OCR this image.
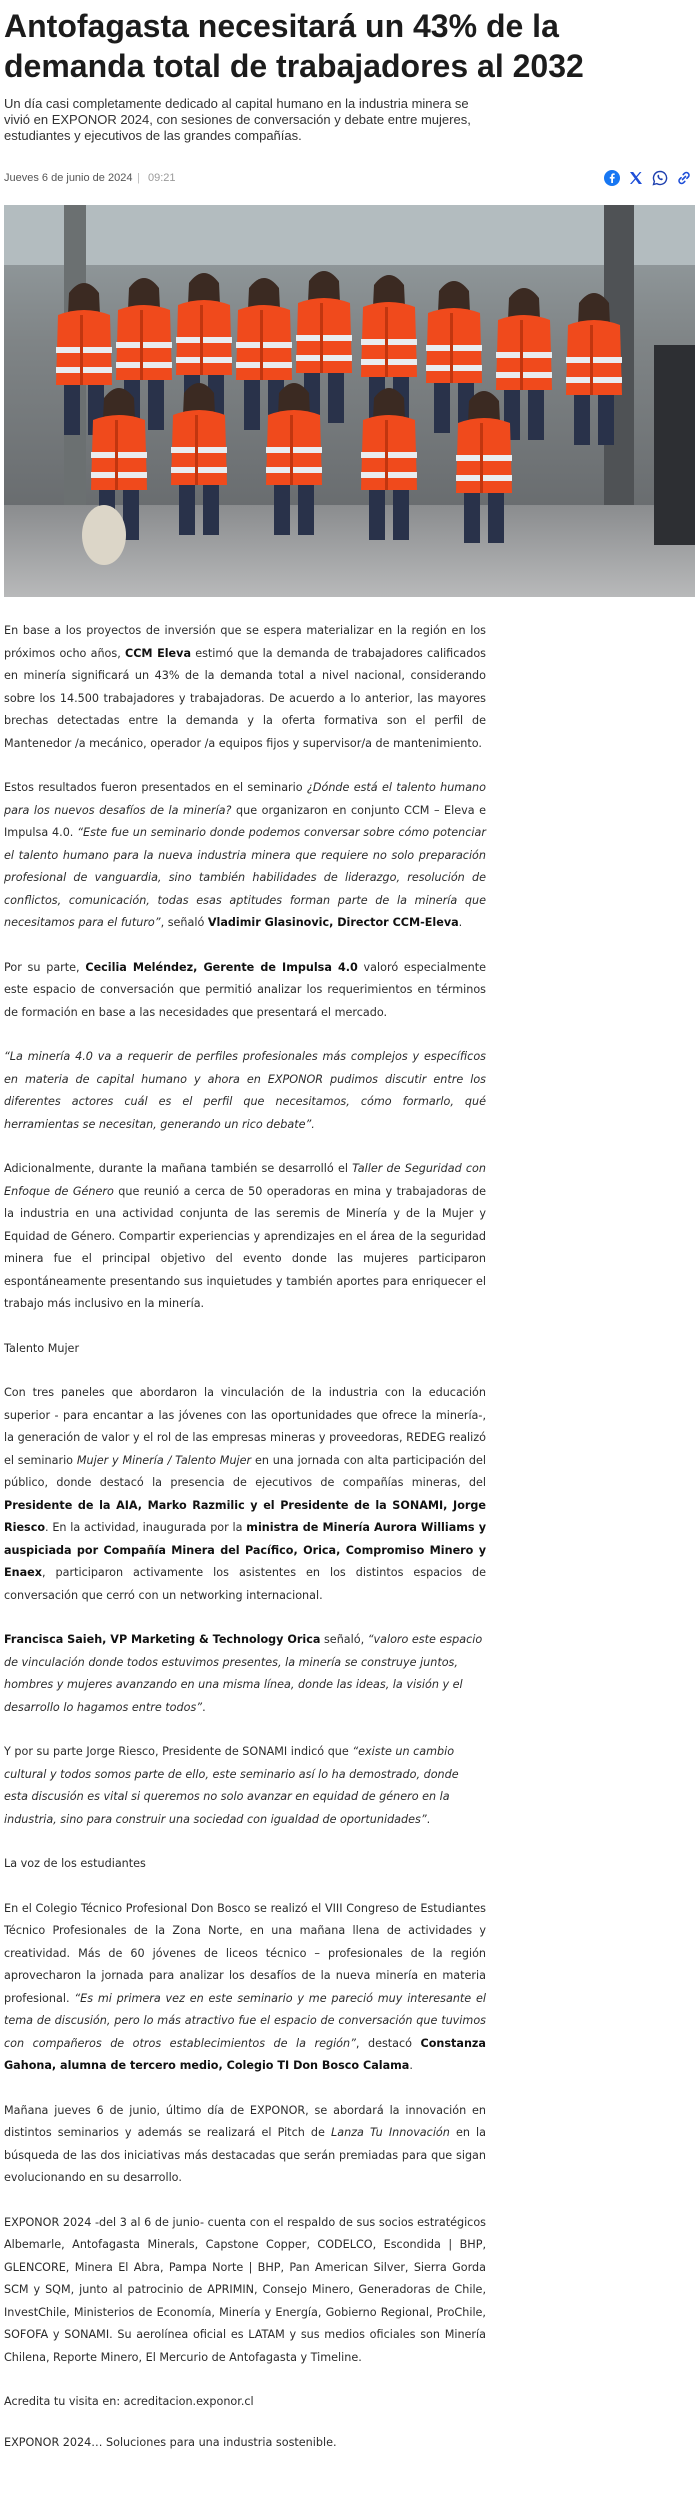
Antofagasta necesitará un 43% de la demanda total de trabajadores al 2032

Un día casi completamente dedicado al capital humano en la industria minera se vivió en EXPONOR 2024, con sesiones de conversación y debate entre mujeres, estudiantes y ejecutivos de las grandes compañías.

Jueves 6 de junio de 2024 | 09:21

En base a los proyectos de inversión que se espera materializar en la región en los próximos ocho años, CCM Eleva estimó que la demanda de trabajadores calificados en minería significará un 43% de la demanda total a nivel nacional, considerando sobre los 14.500 trabajadores y trabajadoras. De acuerdo a lo anterior, las mayores brechas detectadas entre la demanda y la oferta formativa son el perfil de Mantenedor /a mecánico, operador /a equipos fijos y supervisor/a de mantenimiento.

Estos resultados fueron presentados en el seminario ¿Dónde está el talento humano para los nuevos desafíos de la minería? que organizaron en conjunto CCM – Eleva e Impulsa 4.0. “Este fue un seminario donde podemos conversar sobre cómo potenciar el talento humano para la nueva industria minera que requiere no solo preparación profesional de vanguardia, sino también habilidades de liderazgo, resolución de conflictos, comunicación, todas esas aptitudes forman parte de la minería que necesitamos para el futuro”, señaló Vladimir Glasinovic, Director CCM-Eleva.

Por su parte, Cecilia Meléndez, Gerente de Impulsa 4.0 valoró especialmente este espacio de conversación que permitió analizar los requerimientos en términos de formación en base a las necesidades que presentará el mercado.

“La minería 4.0 va a requerir de perfiles profesionales más complejos y específicos en materia de capital humano y ahora en EXPONOR pudimos discutir entre los diferentes actores cuál es el perfil que necesitamos, cómo formarlo, qué herramientas se necesitan, generando un rico debate”.

Adicionalmente, durante la mañana también se desarrolló el Taller de Seguridad con Enfoque de Género que reunió a cerca de 50 operadoras en mina y trabajadoras de la industria en una actividad conjunta de las seremis de Minería y de la Mujer y Equidad de Género. Compartir experiencias y aprendizajes en el área de la seguridad minera fue el principal objetivo del evento donde las mujeres participaron espontáneamente presentando sus inquietudes y también aportes para enriquecer el trabajo más inclusivo en la minería.

Talento Mujer

Con tres paneles que abordaron la vinculación de la industria con la educación superior - para encantar a las jóvenes con las oportunidades que ofrece la minería-, la generación de valor y el rol de las empresas mineras y proveedoras, REDEG realizó el seminario Mujer y Minería / Talento Mujer en una jornada con alta participación del público, donde destacó la presencia de ejecutivos de compañías mineras, del Presidente de la AIA, Marko Razmilic y el Presidente de la SONAMI, Jorge Riesco. En la actividad, inaugurada por la ministra de Minería Aurora Williams y auspiciada por Compañía Minera del Pacífico, Orica, Compromiso Minero y Enaex, participaron activamente los asistentes en los distintos espacios de conversación que cerró con un networking internacional.

Francisca Saieh, VP Marketing & Technology Orica señaló, “valoro este espacio de vinculación donde todos estuvimos presentes, la minería se construye juntos, hombres y mujeres avanzando en una misma línea, donde las ideas, la visión y el desarrollo lo hagamos entre todos”.

Y por su parte Jorge Riesco, Presidente de SONAMI indicó que “existe un cambio cultural y todos somos parte de ello, este seminario así lo ha demostrado, donde esta discusión es vital si queremos no solo avanzar en equidad de género en la industria, sino para construir una sociedad con igualdad de oportunidades”.

La voz de los estudiantes

En el Colegio Técnico Profesional Don Bosco se realizó el VIII Congreso de Estudiantes Técnico Profesionales de la Zona Norte, en una mañana llena de actividades y creatividad. Más de 60 jóvenes de liceos técnico – profesionales de la región aprovecharon la jornada para analizar los desafíos de la nueva minería en materia profesional. “Es mi primera vez en este seminario y me pareció muy interesante el tema de discusión, pero lo más atractivo fue el espacio de conversación que tuvimos con compañeros de otros establecimientos de la región”, destacó Constanza Gahona, alumna de tercero medio, Colegio TI Don Bosco Calama.

Mañana jueves 6 de junio, último día de EXPONOR, se abordará la innovación en distintos seminarios y además se realizará el Pitch de Lanza Tu Innovación en la búsqueda de las dos iniciativas más destacadas que serán premiadas para que sigan evolucionando en su desarrollo.

EXPONOR 2024 -del 3 al 6 de junio- cuenta con el respaldo de sus socios estratégicos Albemarle, Antofagasta Minerals, Capstone Copper, CODELCO, Escondida | BHP, GLENCORE, Minera El Abra, Pampa Norte | BHP, Pan American Silver, Sierra Gorda SCM y SQM, junto al patrocinio de APRIMIN, Consejo Minero, Generadoras de Chile, InvestChile, Ministerios de Economía, Minería y Energía, Gobierno Regional, ProChile, SOFOFA y SONAMI. Su aerolínea oficial es LATAM y sus medios oficiales son Minería Chilena, Reporte Minero, El Mercurio de Antofagasta y Timeline.

Acredita tu visita en: acreditacion.exponor.cl

EXPONOR 2024… Soluciones para una industria sostenible.
